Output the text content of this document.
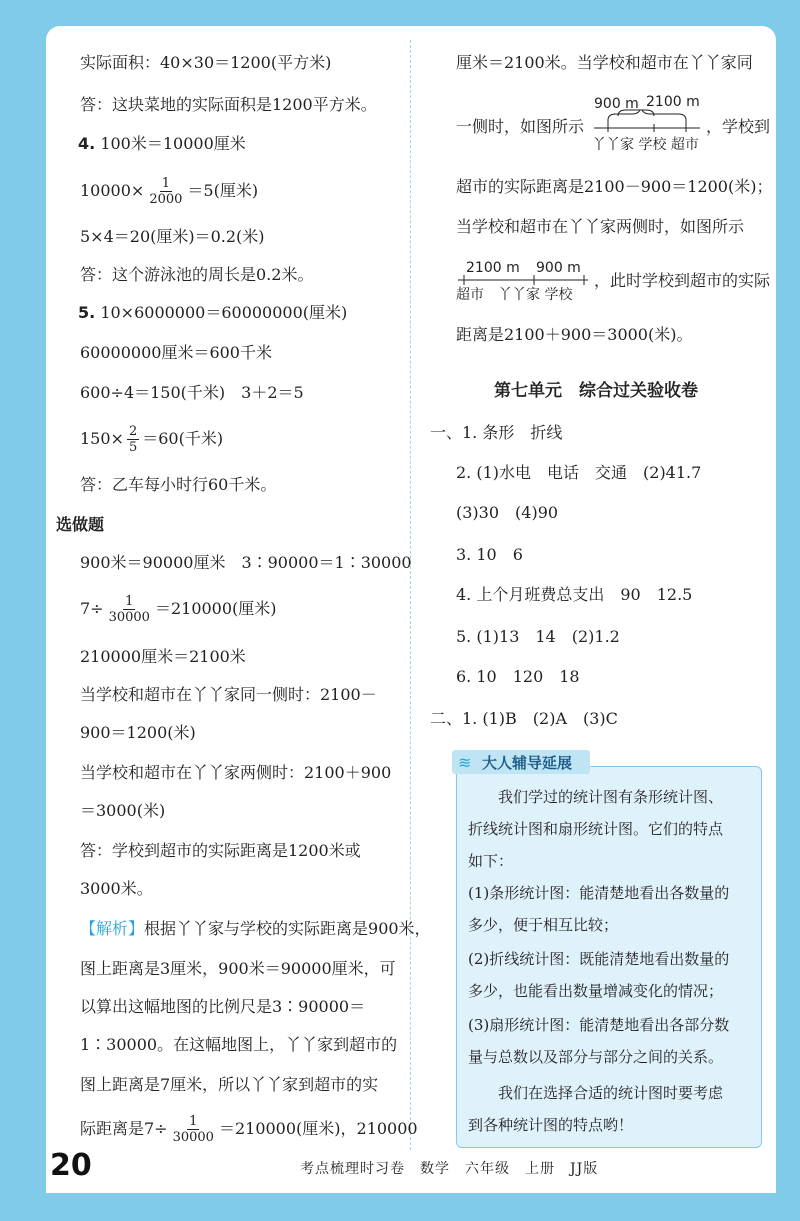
实际面积：40×30＝1200(平方米)
答：这块菜地的实际面积是1200平方米。
4. 100米＝10000厘米
$10000\times \frac{1}{2000} =5$(厘米)
5×4＝20(厘米)＝0.2(米)
答：这个游泳池的周长是0.2米。
5. 10×6000000＝60000000(厘米)
60000000厘米＝600千米
600÷4＝150(千米)　3＋2＝5
$150\times \frac{2}{5} =60$(千米)
答：乙车每小时行60千米。
选做题
900米＝90000厘米　3∶90000＝1∶30000
$7\div \frac{1}{30000} =210000$(厘米)
210000厘米＝2100米
当学校和超市在丫丫家同一侧时：2100－
900＝1200(米)
当学校和超市在丫丫家两侧时：2100＋900
＝3000(米)
答：学校到超市的实际距离是1200米或
3000米。
【解析】根据丫丫家与学校的实际距离是900米，
图上距离是3厘米，900米＝90000厘米，可
以算出这幅地图的比例尺是3∶90000＝
1∶30000。在这幅地图上，丫丫家到超市的
图上距离是7厘米，所以丫丫家到超市的实
际距离是$7\div \frac{1}{30000} =210000$(厘米)，210000
厘米＝2100米。当学校和超市在丫丫家同
一侧时，如图所示
900 m 2100 m
丫丫家 学校 超市
，学校到
超市的实际距离是2100－900＝1200(米)；
当学校和超市在丫丫家两侧时，如图所示
2100 m 900 m
超市　丫丫家 学校
，此时学校到超市的实际
距离是2100＋900＝3000(米)。
第七单元　综合过关验收卷
一、1. 条形　折线
2. (1)水电　电话　交通　(2)41.7
(3)30　(4)90
3. 10　6
4. 上个月班费总支出　90　12.5
5. (1)13　14　(2)1.2
6. 10　120　18
二、1. (1)B　(2)A　(3)C
≋ 大人辅导延展
　　我们学过的统计图有条形统计图、
折线统计图和扇形统计图。它们的特点
如下：
(1)条形统计图：能清楚地看出各数量的
多少，便于相互比较；
(2)折线统计图：既能清楚地看出数量的
多少，也能看出数量增减变化的情况；
(3)扇形统计图：能清楚地看出各部分数
量与总数以及部分与部分之间的关系。
　　我们在选择合适的统计图时要考虑
到各种统计图的特点哟！
20	考点梳理时习卷　数学　六年级　上册　JJ版
